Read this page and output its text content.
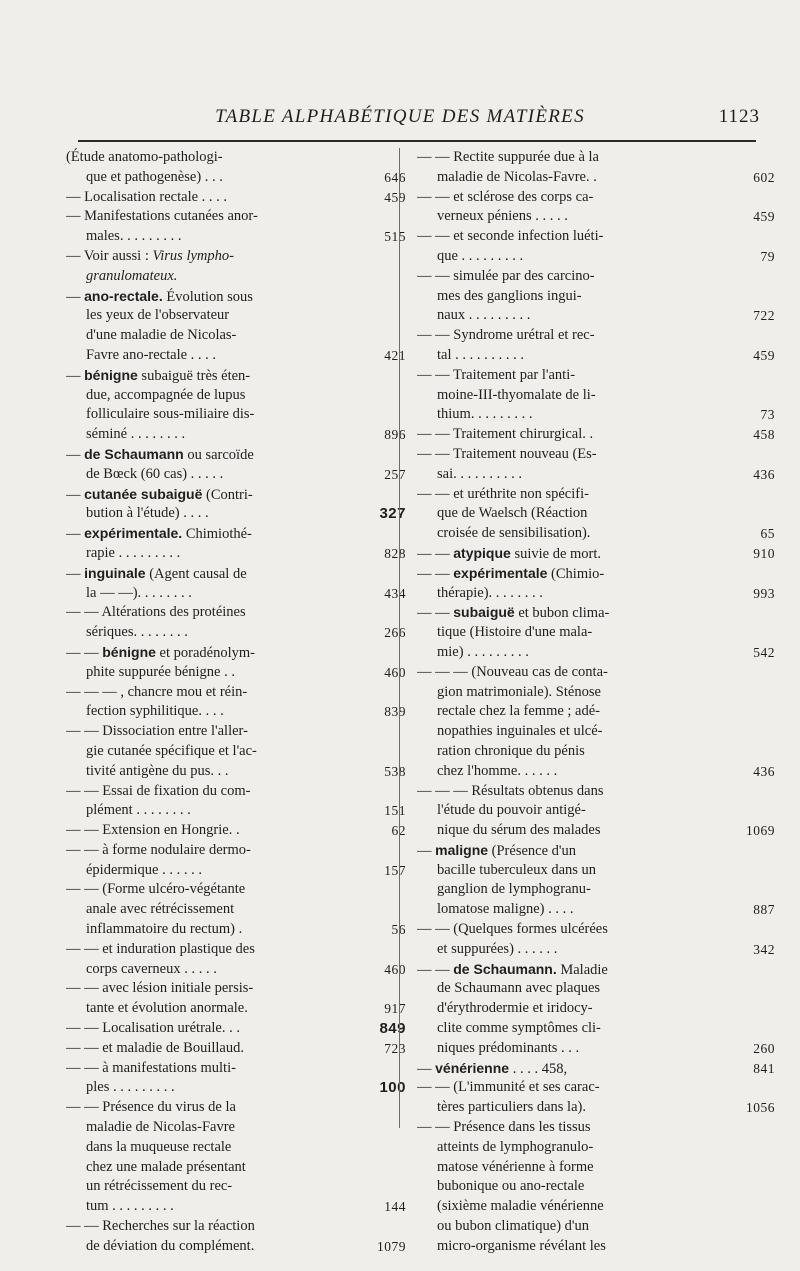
TABLE ALPHABÉTIQUE DES MATIÈRES	1123
(Étude anatomo-pathologi-
que et pathogenèse) . . .	646
— Localisation rectale . . . .	459
— Manifestations cutanées anor-
males. . . . . . . . .	515
— Voir aussi : Virus lympho-
granulomateux.
— ano-rectale. Évolution sous
les yeux de l'observateur
d'une maladie de Nicolas-
Favre ano-rectale . . . .	421
— bénigne subaiguë très éten-
due, accompagnée de lupus
folliculaire sous-miliaire dis-
séminé . . . . . . . .	896
— de Schaumann ou sarcoïde
de Bœck (60 cas) . . . . .	257
— cutanée subaiguë (Contri-
bution à l'étude) . . . .	327
— expérimentale. Chimiothé-
rapie . . . . . . . . .	828
— inguinale (Agent causal de
la — —). . . . . . . .	434
— — Altérations des protéines
sériques. . . . . . . .	266
— — bénigne et poradénolym-
phite suppurée bénigne . .	460
— — — , chancre mou et réin-
fection syphilitique. . . .	839
— — Dissociation entre l'aller-
gie cutanée spécifique et l'ac-
tivité antigène du pus. . .	538
— — Essai de fixation du com-
plément . . . . . . . .	151
— — Extension en Hongrie. .	62
— — à forme nodulaire dermo-
épidermique . . . . . .	157
— — (Forme ulcéro-végétante
anale avec rétrécissement
inflammatoire du rectum) .	56
— — et induration plastique des
corps caverneux . . . . .	460
— — avec lésion initiale persis-
tante et évolution anormale.	917
— — Localisation urétrale. . .	849
— — et maladie de Bouillaud.	723
— — à manifestations multi-
ples . . . . . . . . .	100
— — Présence du virus de la
maladie de Nicolas-Favre
dans la muqueuse rectale
chez une malade présentant
un rétrécissement du rec-
tum . . . . . . . . .	144
— — Recherches sur la réaction
de déviation du complément.	1079
— — Rectite suppurée due à la
maladie de Nicolas-Favre. .	602
— — et sclérose des corps ca-
verneux péniens . . . . .	459
— — et seconde infection luéti-
que . . . . . . . . .	79
— — simulée par des carcino-
mes des ganglions ingui-
naux . . . . . . . . .	722
— — Syndrome urétral et rec-
tal . . . . . . . . . .	459
— — Traitement par l'anti-
moine-III-thyomalate de li-
thium. . . . . . . . .	73
— — Traitement chirurgical. .	458
— — Traitement nouveau (Es-
sai. . . . . . . . . .	436
— — et uréthrite non spécifi-
que de Waelsch (Réaction
croisée de sensibilisation).	65
— — atypique suivie de mort.	910
— — expérimentale (Chimio-
thérapie). . . . . . . .	993
— — subaiguë et bubon clima-
tique (Histoire d'une mala-
mie) . . . . . . . . .	542
— — — (Nouveau cas de conta-
gion matrimoniale). Sténose
rectale chez la femme ; adé-
nopathies inguinales et ulcé-
ration chronique du pénis
chez l'homme. . . . . .	436
— — — Résultats obtenus dans
l'étude du pouvoir antigé-
nique du sérum des malades	1069
— maligne (Présence d'un
bacille tuberculeux dans un
ganglion de lymphogranu-
lomatose maligne) . . . .	887
— — (Quelques formes ulcérées
et suppurées) . . . . . .	342
— — de Schaumann. Maladie
de Schaumann avec plaques
d'érythrodermie et iridocy-
clite comme symptômes cli-
niques prédominants . . .	260
— vénérienne . . . . 458,	841
— — (L'immunité et ses carac-
tères particuliers dans la).	1056
— — Présence dans les tissus
atteints de lymphogranulo-
matose vénérienne à forme
bubonique ou ano-rectale
(sixième maladie vénérienne
ou bubon climatique) d'un
micro-organisme révélant les
